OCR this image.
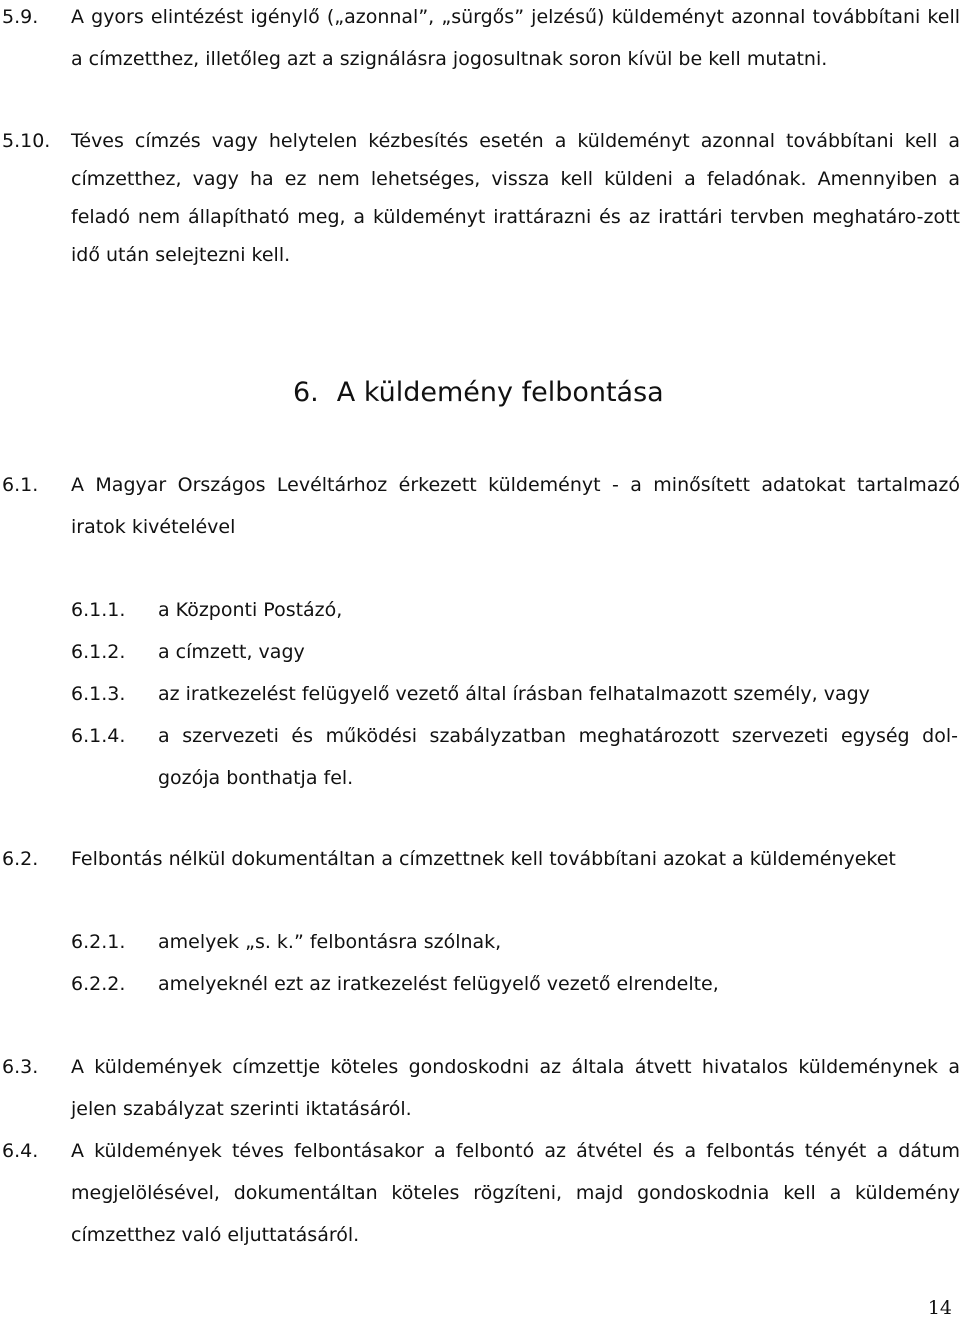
5.9. A gyors elintézést igénylő („azonnal”, „sürgős” jelzésű) küldeményt azonnal továbbítani kell a címzetthez, illetőleg azt a szignálásra jogosultnak soron kívül be kell mutatni.
5.10. Téves címzés vagy helytelen kézbesítés esetén a küldeményt azonnal továbbítani kell a címzetthez, vagy ha ez nem lehetséges, vissza kell küldeni a feladónak. Amennyiben a feladó nem állapítható meg, a küldeményt irattárazni és az irattári tervben meghatáro-zott idő után selejtezni kell.
6. A küldemény felbontása
6.1. A Magyar Országos Levéltárhoz érkezett küldeményt - a minősített adatokat tartalmazó iratok kivételével
6.1.1. a Központi Postázó,
6.1.2. a címzett, vagy
6.1.3. az iratkezelést felügyelő vezető által írásban felhatalmazott személy, vagy
6.1.4. a szervezeti és működési szabályzatban meghatározott szervezeti egység dolgozója bonthatja fel.
6.2. Felbontás nélkül dokumentáltan a címzettnek kell továbbítani azokat a küldeményeket
6.2.1. amelyek „s. k.” felbontásra szólnak,
6.2.2. amelyeknél ezt az iratkezelést felügyelő vezető elrendelte,
6.3. A küldemények címzettje köteles gondoskodni az általa átvett hivatalos küldeménynek a jelen szabályzat szerinti iktatásáról.
6.4. A küldemények téves felbontásakor a felbontó az átvétel és a felbontás tényét a dátum megjelölésével, dokumentáltan köteles rögzíteni, majd gondoskodnia kell a küldemény címzetthez való eljuttatásáról.
14
